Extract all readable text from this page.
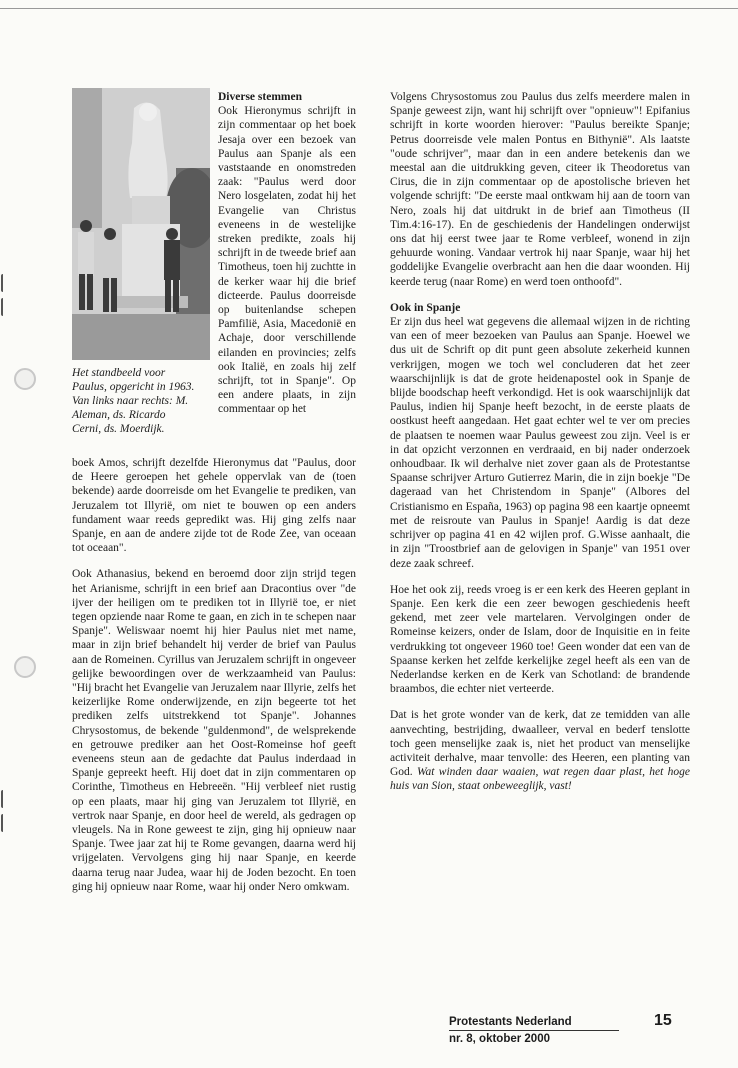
Het standbeeld voor
Paulus, opgericht in 1963.
Van links naar rechts: M.
Aleman, ds. Ricardo
Cerni, ds. Moerdijk.
Diverse stemmen

Ook Hieronymus schrijft in zijn commentaar op het boek Jesaja over een bezoek van Paulus aan Spanje als een vaststaande en onomstreden zaak: "Paulus werd door Nero losgelaten, zodat hij het Evangelie van Christus eveneens in de westelijke streken predikte, zoals hij schrijft in de tweede brief aan Timotheus, toen hij zuchtte in de kerker waar hij die brief dicteerde. Paulus doorreisde op buitenlandse schepen Pamfilië, Asia, Macedonië en Achaje, door verschillende eilanden en provincies; zelfs ook Italië, en zoals hij zelf schrijft, tot in Spanje". Op een andere plaats, in zijn commentaar op het

boek Amos, schrijft dezelfde Hieronymus dat "Paulus, door de Heere geroepen het gehele oppervlak van de (toen bekende) aarde doorreisde om het Evangelie te prediken, van Jeruzalem tot Illyrië, om niet te bouwen op een anders fundament waar reeds gepredikt was. Hij ging zelfs naar Spanje, en aan de andere zijde tot de Rode Zee, van oceaan tot oceaan".

Ook Athanasius, bekend en beroemd door zijn strijd tegen het Arianisme, schrijft in een brief aan Dracontius over "de ijver der heiligen om te prediken tot in Illyrië toe, er niet tegen opziende naar Rome te gaan, en zich in te schepen naar Spanje". Weliswaar noemt hij hier Paulus niet met name, maar in zijn brief behandelt hij verder de brief van Paulus aan de Romeinen. Cyrillus van Jeruzalem schrijft in ongeveer gelijke bewoordingen over de werkzaamheid van Paulus: "Hij bracht het Evangelie van Jeruzalem naar Illyrie, zelfs het keizerlijke Rome onderwijzende, en zijn begeerte tot het prediken zelfs uitstrekkend tot Spanje". Johannes Chrysostomus, de bekende "guldenmond", de welsprekende en getrouwe prediker aan het Oost-Romeinse hof geeft eveneens steun aan de gedachte dat Paulus inderdaad in Spanje gepreekt heeft. Hij doet dat in zijn commentaren op Corinthe, Timotheus en Hebreeën. "Hij verbleef niet rustig op een plaats, maar hij ging van Jeruzalem tot Illyrië, en vertrok naar Spanje, en door heel de wereld, als gedragen op vleugels. Na in Rone geweest te zijn, ging hij opnieuw naar Spanje. Twee jaar zat hij te Rome gevangen, daarna werd hij vrijgelaten. Vervolgens ging hij naar Spanje, en keerde daarna terug naar Judea, waar hij de Joden bezocht. En toen ging hij opnieuw naar Rome, waar hij onder Nero omkwam.

Volgens Chrysostomus zou Paulus dus zelfs meerdere malen in Spanje geweest zijn, want hij schrijft over "opnieuw"! Epifanius schrijft in korte woorden hierover: "Paulus bereikte Spanje; Petrus doorreisde vele malen Pontus en Bithynië". Als laatste "oude schrijver", maar dan in een andere betekenis dan we meestal aan die uitdrukking geven, citeer ik Theodoretus van Cirus, die in zijn commentaar op de apostolische brieven het volgende schrijft: "De eerste maal ontkwam hij aan de toorn van Nero, zoals hij dat uitdrukt in de brief aan Timotheus (II Tim.4:16-17). En de geschiedenis der Handelingen onderwijst ons dat hij eerst twee jaar te Rome verbleef, wonend in zijn gehuurde woning. Vandaar vertrok hij naar Spanje, waar hij het goddelijke Evangelie overbracht aan hen die daar woonden. Hij keerde terug (naar Rome) en werd toen onthoofd".

Ook in Spanje

Er zijn dus heel wat gegevens die allemaal wijzen in de richting van een of meer bezoeken van Paulus aan Spanje. Hoewel we dus uit de Schrift op dit punt geen absolute zekerheid kunnen verkrijgen, mogen we toch wel concluderen dat het zeer waarschijnlijk is dat de grote heidenapostel ook in Spanje de blijde boodschap heeft verkondigd. Het is ook waarschijnlijk dat Paulus, indien hij Spanje heeft bezocht, in de eerste plaats de oostkust heeft aangedaan. Het gaat echter wel te ver om precies de plaatsen te noemen waar Paulus geweest zou zijn. Veel is er in dat opzicht verzonnen en verdraaid, en bij nader onderzoek onhoudbaar. Ik wil derhalve niet zover gaan als de Protestantse Spaanse schrijver Arturo Gutierrez Marin, die in zijn boekje "De dageraad van het Christendom in Spanje" (Albores del Cristianismo en España, 1963) op pagina 98 een kaartje opneemt met de reisroute van Paulus in Spanje! Aardig is dat deze schrijver op pagina 41 en 42 wijlen prof. G.Wisse aanhaalt, die in zijn "Troostbrief aan de gelovigen in Spanje" van 1951 over deze zaak schreef.

Hoe het ook zij, reeds vroeg is er een kerk des Heeren geplant in Spanje. Een kerk die een zeer bewogen geschiedenis heeft gekend, met zeer vele martelaren. Vervolgingen onder de Romeinse keizers, onder de Islam, door de Inquisitie en in feite verdrukking tot ongeveer 1960 toe! Geen wonder dat een van de Spaanse kerken het zelfde kerkelijke zegel heeft als een van de Nederlandse kerken en de Kerk van Schotland: de brandende braambos, die echter niet verteerde.

Dat is het grote wonder van de kerk, dat ze temidden van alle aanvechting, bestrijding, dwaalleer, verval en bederf tenslotte toch geen menselijke zaak is, niet het product van menselijke activiteit derhalve, maar tenvolle: des Heeren, een planting van God. Wat winden daar waaien, wat regen daar plast, het hoge huis van Sion, staat onbeweeglijk, vast!

Protestants Nederland
nr. 8, oktober 2000
15
